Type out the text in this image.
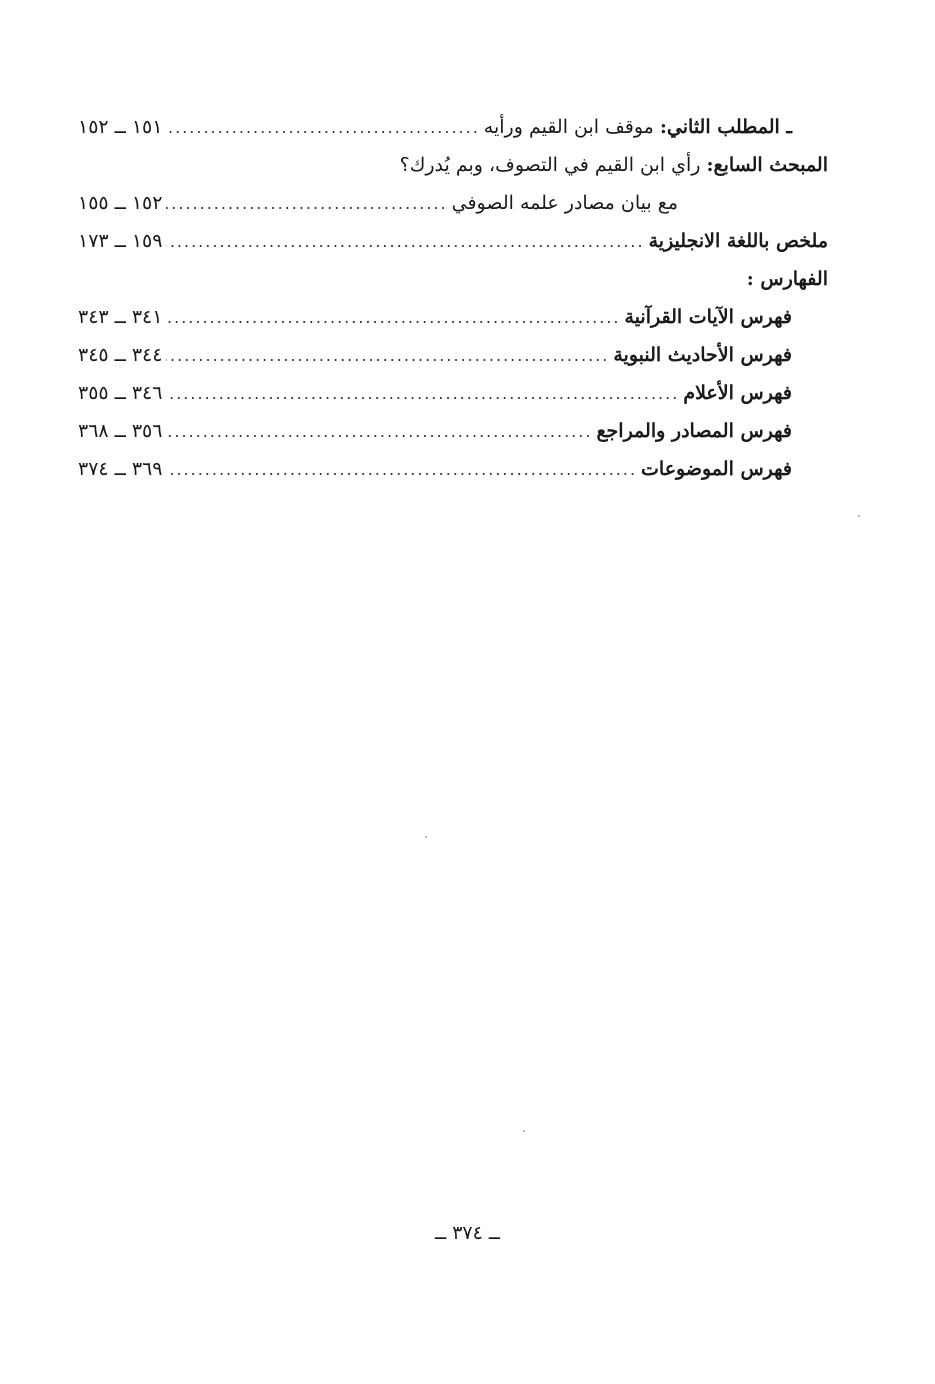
ـ المطلب الثاني: موقف ابن القيم ورأيه
.....
١٥١ ــ ١٥٢
المبحث السابع: رأي ابن القيم في التصوف، وبم يُدرك؟
مع بيان مصادر علمه الصوفي
.....
١٥٢ ــ ١٥٥
ملخص باللغة الانجليزية
.....
١٥٩ ــ ١٧٣
الفهارس :
فهرس الآيات القرآنية
.....
٣٤١ ــ ٣٤٣
فهرس الأحاديث النبوية
.....
٣٤٤ ــ ٣٤٥
فهرس الأعلام
.....
٣٤٦ ــ ٣٥٥
فهرس المصادر والمراجع
.....
٣٥٦ ــ ٣٦٨
فهرس الموضوعات
.....
٣٦٩ ــ ٣٧٤
ــ ٣٧٤ ــ
